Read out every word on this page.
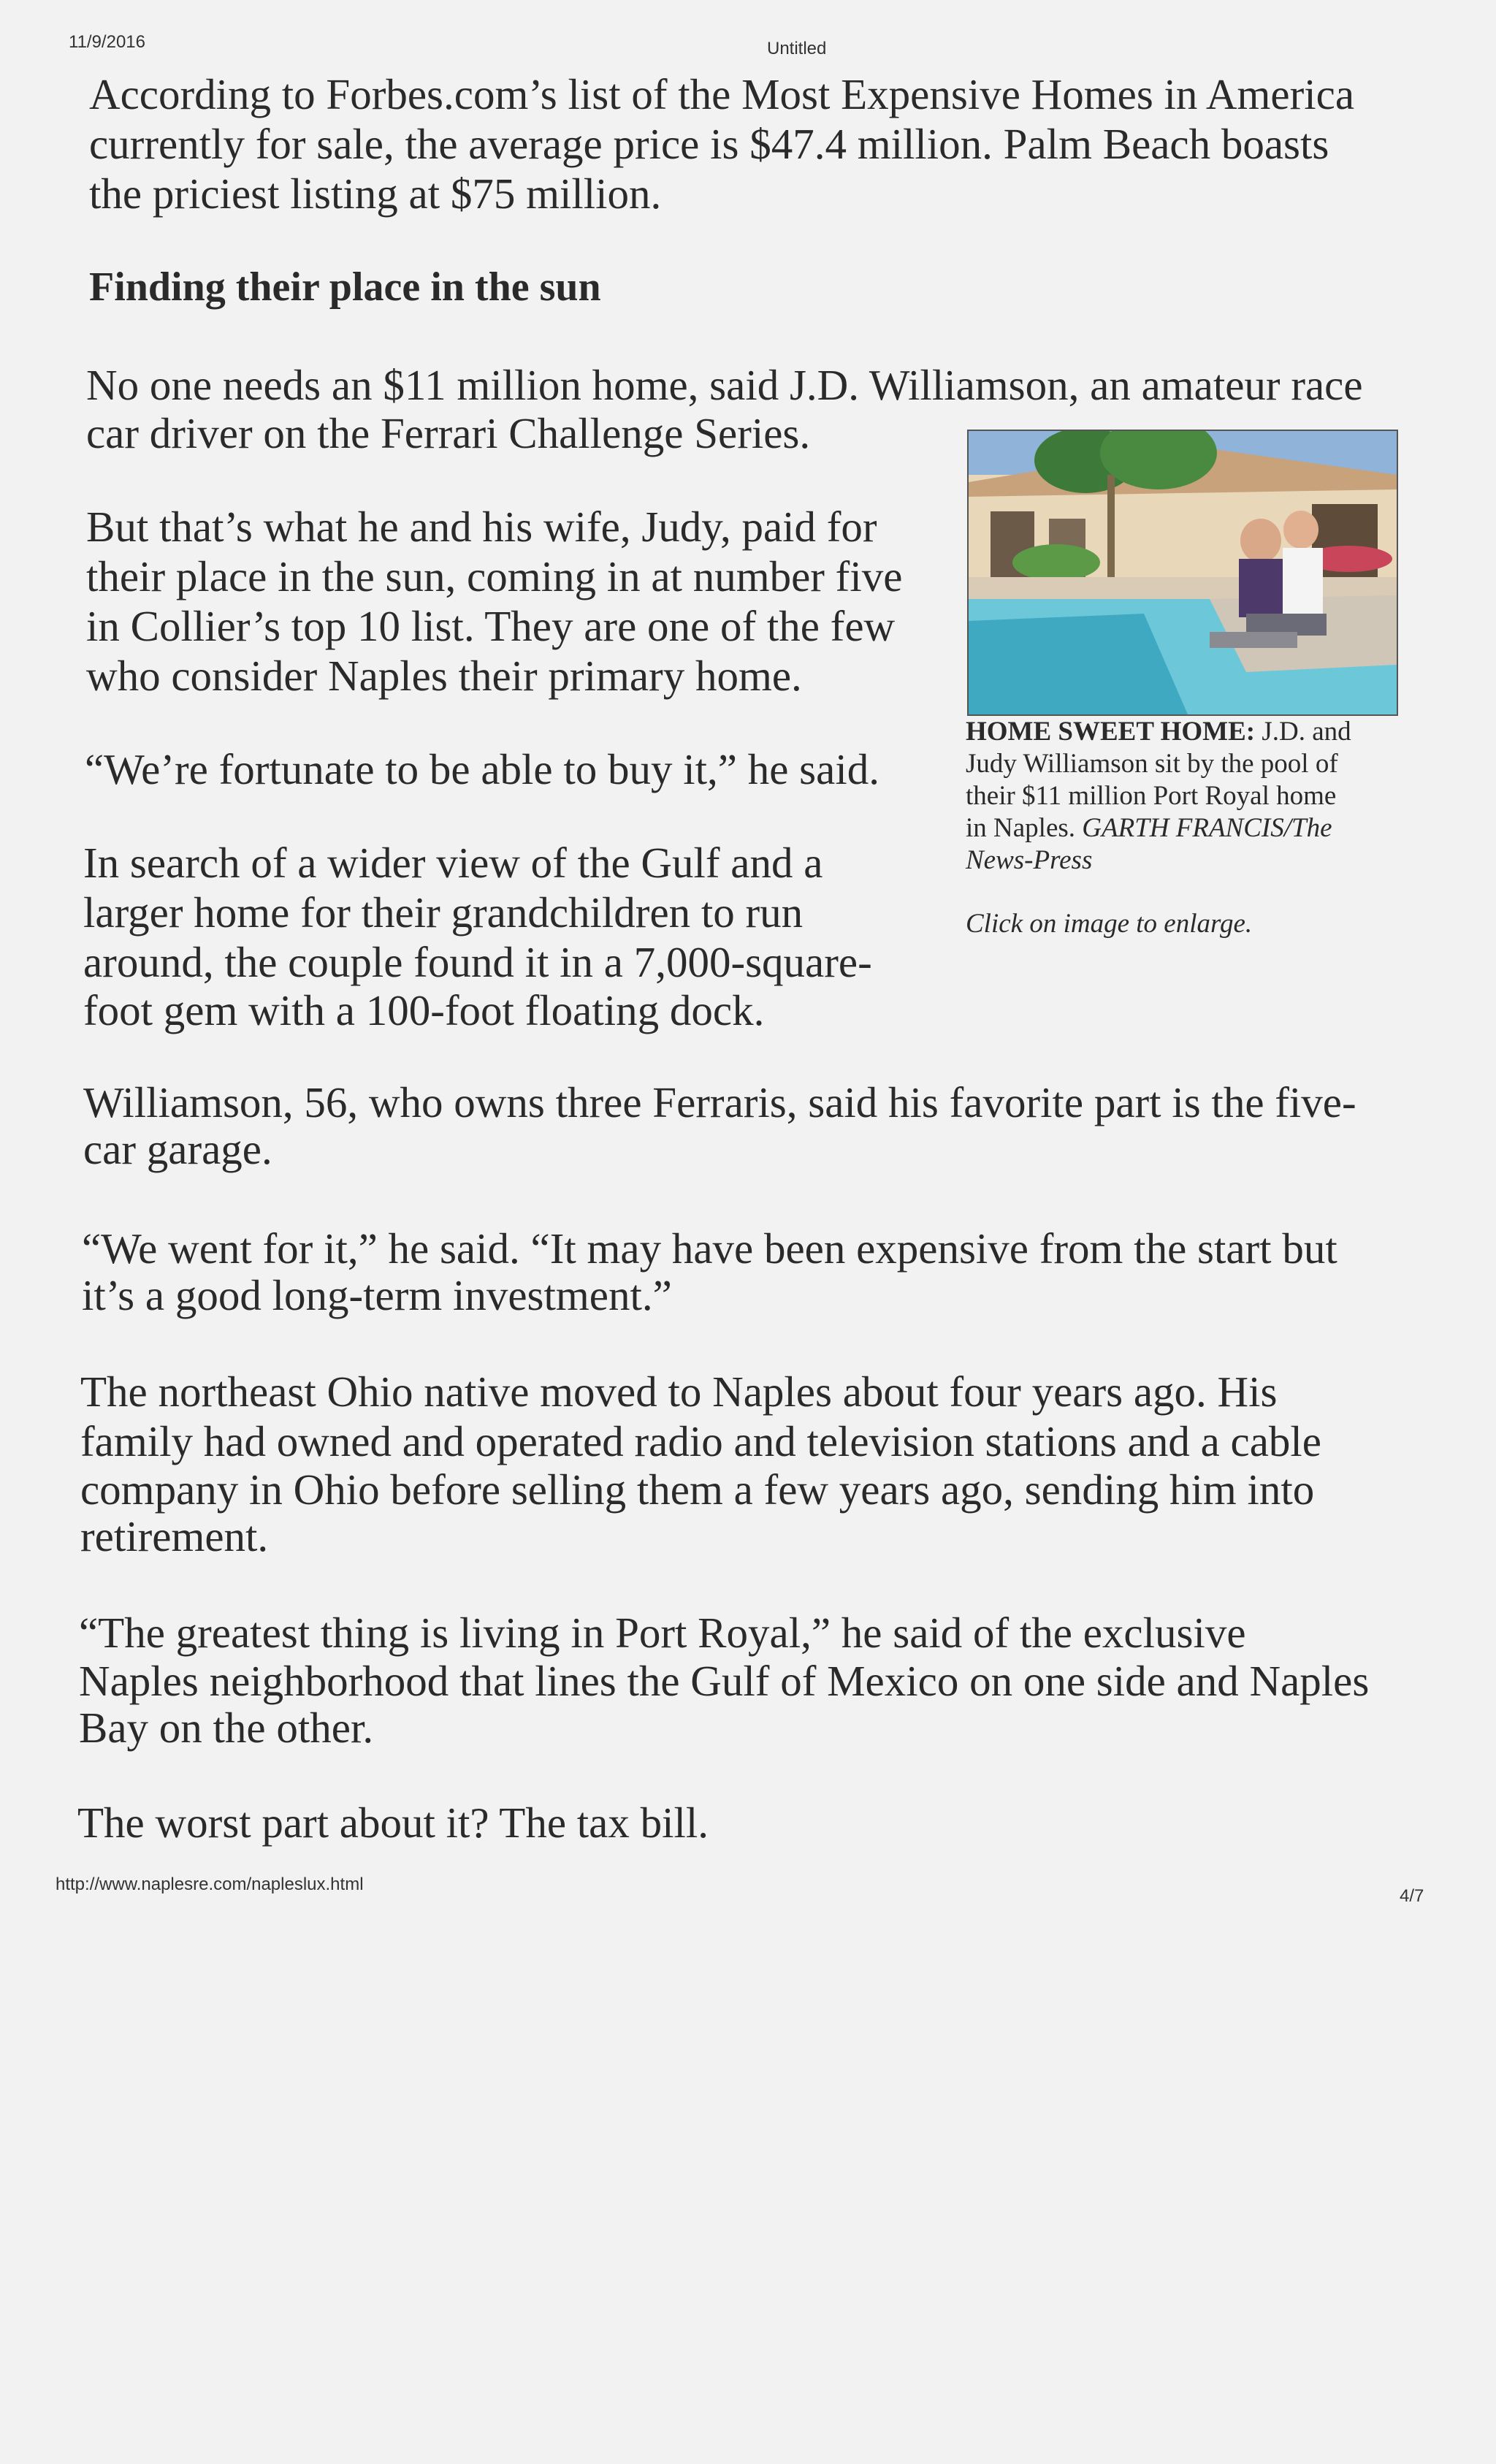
11/9/2016	Untitled
According to Forbes.com’s list of the Most Expensive Homes in America
currently for sale, the average price is $47.4 million. Palm Beach boasts
the priciest listing at $75 million.
Finding their place in the sun
No one needs an $11 million home, said J.D. Williamson, an amateur race
car driver on the Ferrari Challenge Series.
HOME SWEET HOME: J.D. and
Judy Williamson sit by the pool of
their $11 million Port Royal home
in Naples. GARTH FRANCIS/The
News-Press
Click on image to enlarge.
But that’s what he and his wife, Judy, paid for
their place in the sun, coming in at number five
in Collier’s top 10 list. They are one of the few
who consider Naples their primary home.
“We’re fortunate to be able to buy it,” he said.
In search of a wider view of the Gulf and a
larger home for their grandchildren to run
around, the couple found it in a 7,000-square-
foot gem with a 100-foot floating dock.
Williamson, 56, who owns three Ferraris, said his favorite part is the five-
car garage.
“We went for it,” he said. “It may have been expensive from the start but
it’s a good long-term investment.”
The northeast Ohio native moved to Naples about four years ago. His
family had owned and operated radio and television stations and a cable
company in Ohio before selling them a few years ago, sending him into
retirement.
“The greatest thing is living in Port Royal,” he said of the exclusive
Naples neighborhood that lines the Gulf of Mexico on one side and Naples
Bay on the other.
The worst part about it? The tax bill.
http://www.naplesre.com/napleslux.html
4/7
